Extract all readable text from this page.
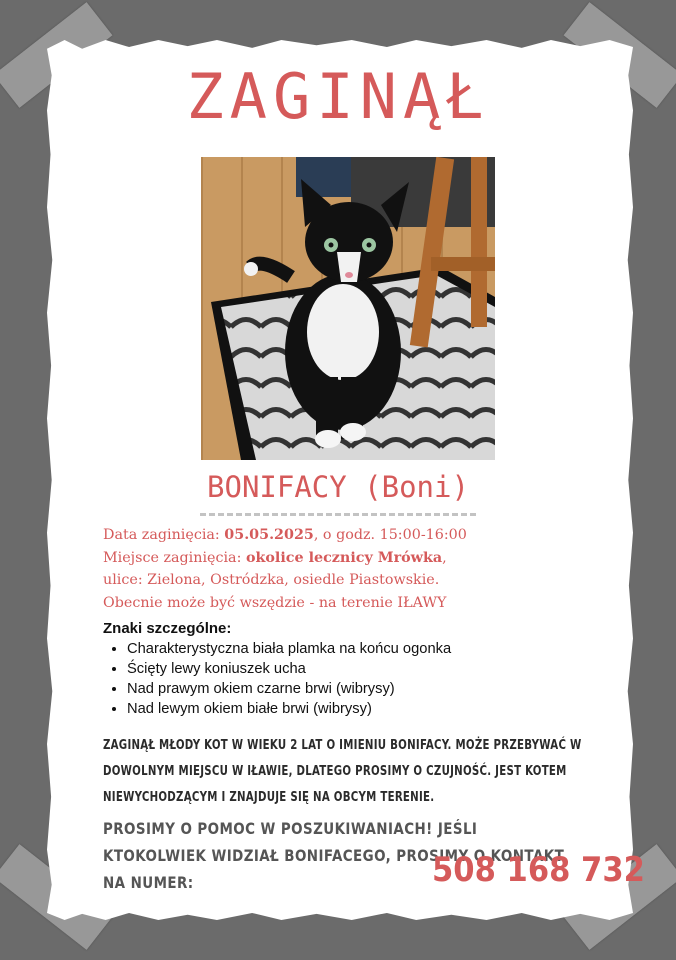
ZAGINĄŁ
BONIFACY (Boni)
Data zaginięcia: 05.05.2025, o godz. 15:00-16:00
Miejsce zaginięcia: okolice lecznicy Mrówka,
ulice: Zielona, Ostródzka, osiedle Piastowskie.
Obecnie może być wszędzie - na terenie IŁAWY
Znaki szczególne:
• Charakterystyczna biała plamka na końcu ogonka
• Ścięty lewy koniuszek ucha
• Nad prawym okiem czarne brwi (wibrysy)
• Nad lewym okiem białe brwi (wibrysy)
ZAGINĄŁ MŁODY KOT W WIEKU 2 LAT O IMIENIU BONIFACY. MOŻE PRZEBYWAĆ W DOWOLNYM MIEJSCU W IŁAWIE, DLATEGO PROSIMY O CZUJNOŚĆ. JEST KOTEM NIEWYCHODZĄCYM I ZNAJDUJE SIĘ NA OBCYM TERENIE.
PROSIMY O POMOC W POSZUKIWANIACH! JEŚLI KTOKOLWIEK WIDZIAŁ BONIFACEGO, PROSIMY O KONTAKT NA NUMER:	508 168 732
